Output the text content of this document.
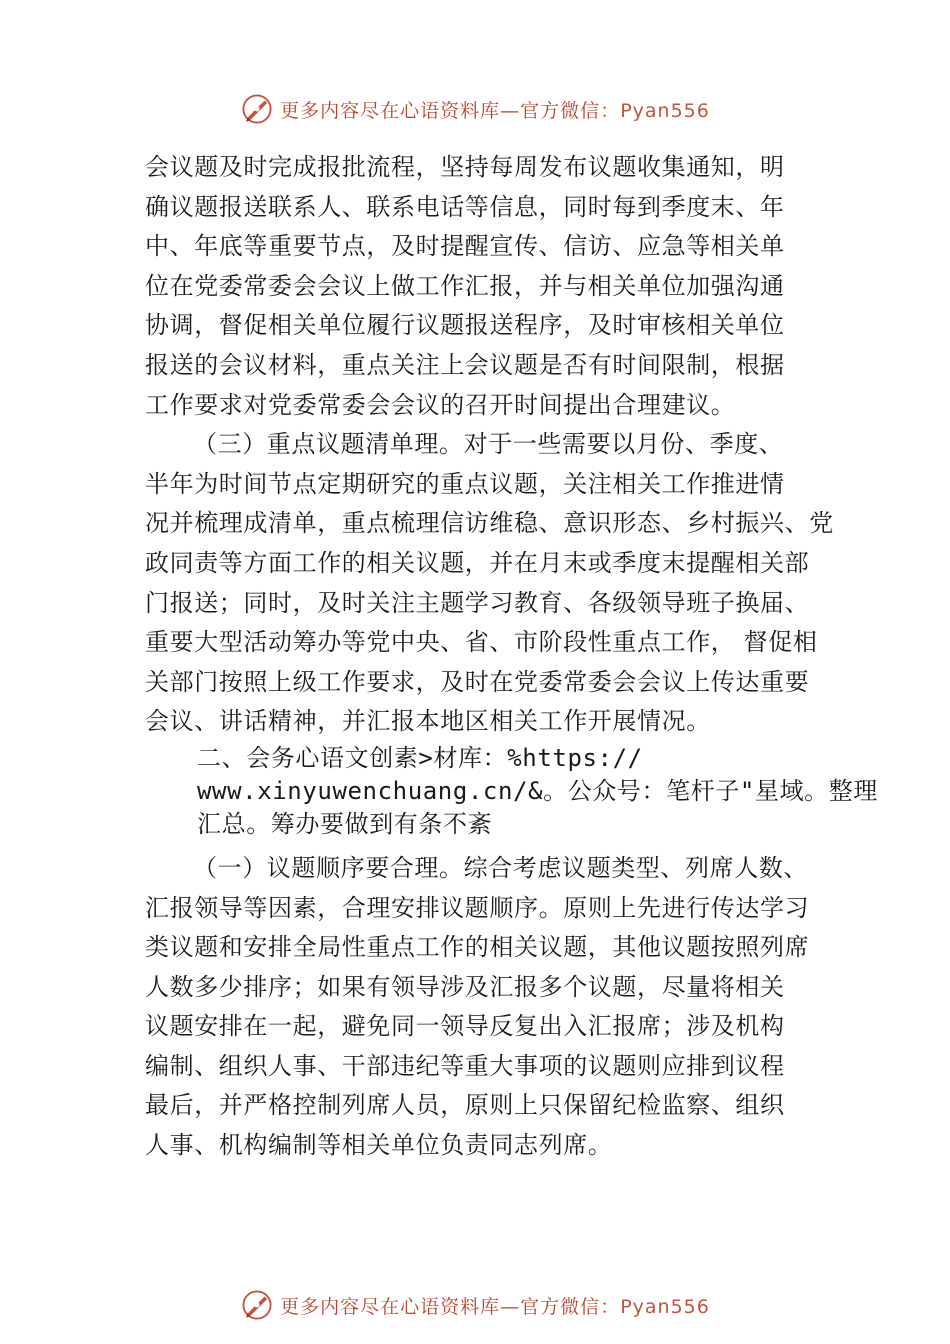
更多内容尽在心语资料库—官方微信：Pyan556
会议题及时完成报批流程，坚持每周发布议题收集通知，明
确议题报送联系人、联系电话等信息，同时每到季度末、年
中、年底等重要节点，及时提醒宣传、信访、应急等相关单
位在党委常委会会议上做工作汇报，并与相关单位加强沟通
协调，督促相关单位履行议题报送程序，及时审核相关单位
报送的会议材料，重点关注上会议题是否有时间限制，根据
工作要求对党委常委会会议的召开时间提出合理建议。
（三）重点议题清单理。对于一些需要以月份、季度、
半年为时间节点定期研究的重点议题，关注相关工作推进情
况并梳理成清单，重点梳理信访维稳、意识形态、乡村振兴、党
政同责等方面工作的相关议题，并在月末或季度末提醒相关部
门报送；同时，及时关注主题学习教育、各级领导班子换届、
重要大型活动筹办等党中央、省、市阶段性重点工作， 督促相
关部门按照上级工作要求，及时在党委常委会会议上传达重要
会议、讲话精神，并汇报本地区相关工作开展情况。
二、会务心语文创素>材库：%https://
www.xinyuwenchuang.cn/&。公众号：笔杆子"星域。整理
汇总。筹办要做到有条不紊
（一）议题顺序要合理。综合考虑议题类型、列席人数、
汇报领导等因素，合理安排议题顺序。原则上先进行传达学习
类议题和安排全局性重点工作的相关议题，其他议题按照列席
人数多少排序；如果有领导涉及汇报多个议题，尽量将相关
议题安排在一起，避免同一领导反复出入汇报席；涉及机构
编制、组织人事、干部违纪等重大事项的议题则应排到议程
最后，并严格控制列席人员，原则上只保留纪检监察、组织
人事、机构编制等相关单位负责同志列席。
更多内容尽在心语资料库—官方微信：Pyan556
